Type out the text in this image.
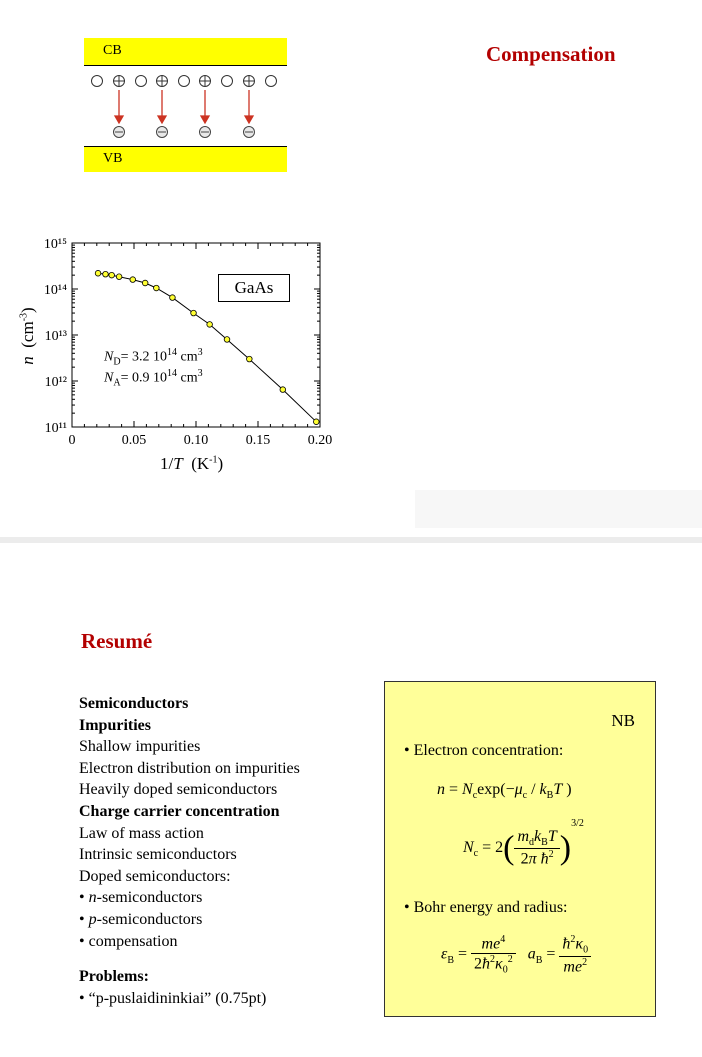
Compensation
CB
VB
0	0.05	0.10	0.15	0.20
10¹¹
10¹²
10¹³
10¹⁴
10¹⁵
GaAs
$N_D= 3.2$ $10^{14}$ $cm^3$
$N_A= 0.9$ $10^{14}$ $cm^3$
1/T  $(K^{-1})$
n  $(cm^{-3})$
Resumé
Semiconductors
Impurities
Shallow impurities
Electron distribution on impurities
Heavily doped semiconductors
Charge carrier concentration
Law of mass action
Intrinsic semiconductors
Doped semiconductors:
• n-semiconductors
• p-semiconductors
• compensation
Problems:
• “p-puslaidininkiai” (0.75pt)
NB
• Electron concentration:
$n = N_c\exp(-\mu_c / k_BT$ )
$N_c = 2( \frac{m_dk_BT}{2\pi ħ^2} )^{3/2}$
• Bohr energy and radius:
$\varepsilon_B = \frac{me^4}{2ħ^2\kappa_0^2} a_B = \frac{ħ^2\kappa_0}{me^2}$
